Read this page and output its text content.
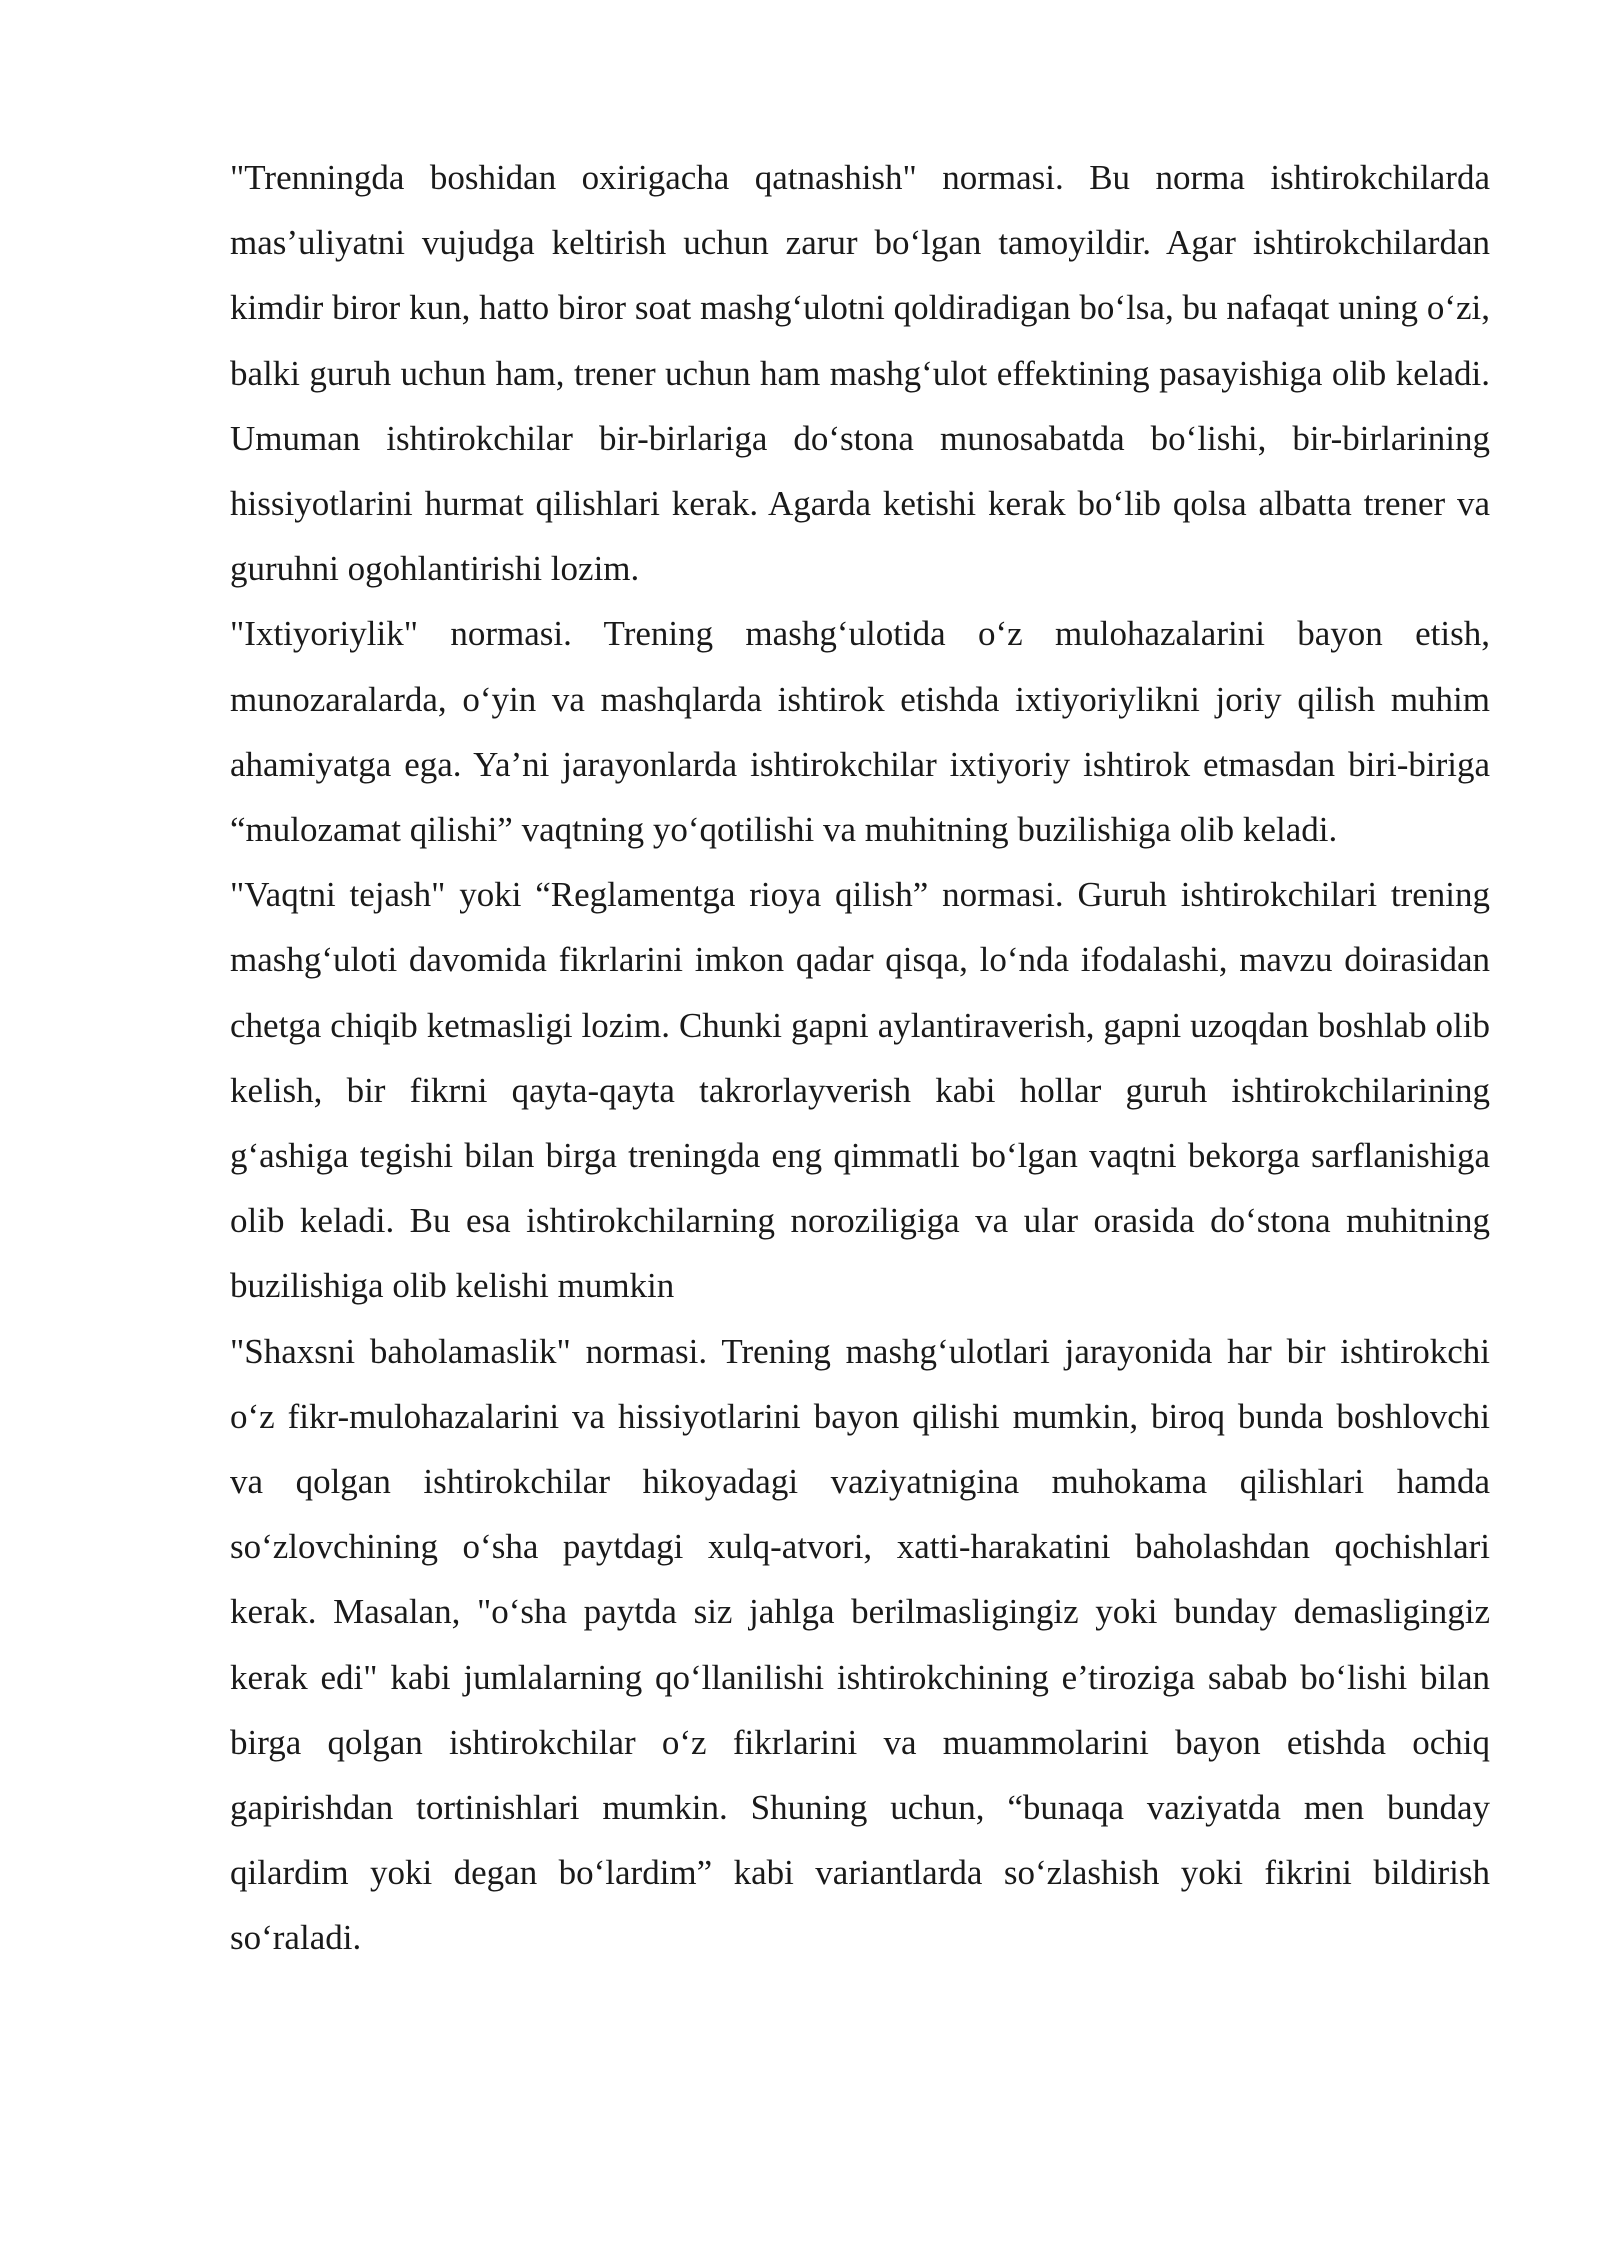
"Trenningda boshidan oxirigacha qatnashish" normasi. Bu norma ishtirokchilarda mas’uliyatni vujudga keltirish uchun zarur bo‘lgan tamoyildir. Agar ishtirokchilardan kimdir biror kun, hatto biror soat mashg‘ulotni qoldiradigan bo‘lsa, bu nafaqat uning o‘zi, balki guruh uchun ham, trener uchun ham mashg‘ulot effektining pasayishiga olib keladi. Umuman ishtirokchilar bir-birlariga do‘stona munosabatda bo‘lishi, bir-birlarining hissiyotlarini hurmat qilishlari kerak. Agarda ketishi kerak bo‘lib qolsa albatta trener va guruhni ogohlantirishi lozim.

"Ixtiyoriylik" normasi. Trening mashg‘ulotida o‘z mulohazalarini bayon etish, munozaralarda, o‘yin va mashqlarda ishtirok etishda ixtiyoriylikni joriy qilish muhim ahamiyatga ega. Ya’ni jarayonlarda ishtirokchilar ixtiyoriy ishtirok etmasdan biri-biriga “mulozamat qilishi” vaqtning yo‘qotilishi va muhitning buzilishiga olib keladi.

"Vaqtni tejash" yoki “Reglamentga rioya qilish” normasi. Guruh ishtirokchilari trening mashg‘uloti davomida fikrlarini imkon qadar qisqa, lo‘nda ifodalashi, mavzu doirasidan chetga chiqib ketmasligi lozim. Chunki gapni aylantiraverish, gapni uzoqdan boshlab olib kelish, bir fikrni qayta-qayta takrorlayverish kabi hollar guruh ishtirokchilarining g‘ashiga tegishi bilan birga treningda eng qimmatli bo‘lgan vaqtni bekorga sarflanishiga olib keladi. Bu esa ishtirokchilarning noroziligiga va ular orasida do‘stona muhitning buzilishiga olib kelishi mumkin

"Shaxsni baholamaslik" normasi. Trening mashg‘ulotlari jarayonida har bir ishtirokchi o‘z fikr-mulohazalarini va hissiyotlarini bayon qilishi mumkin, biroq bunda boshlovchi va qolgan ishtirokchilar hikoyadagi vaziyatnigina muhokama qilishlari hamda so‘zlovchining o‘sha paytdagi xulq-atvori, xatti-harakatini baholashdan qochishlari kerak. Masalan, "o‘sha paytda siz jahlga berilmasligingiz yoki bunday demasligingiz kerak edi" kabi jumlalarning qo‘llanilishi ishtirokchining e’tiroziga sabab bo‘lishi bilan birga qolgan ishtirokchilar o‘z fikrlarini va muammolarini bayon etishda ochiq gapirishdan tortinishlari mumkin. Shuning uchun, “bunaqa vaziyatda men bunday qilardim yoki degan bo‘lardim” kabi variantlarda so‘zlashish yoki fikrini bildirish so‘raladi.
